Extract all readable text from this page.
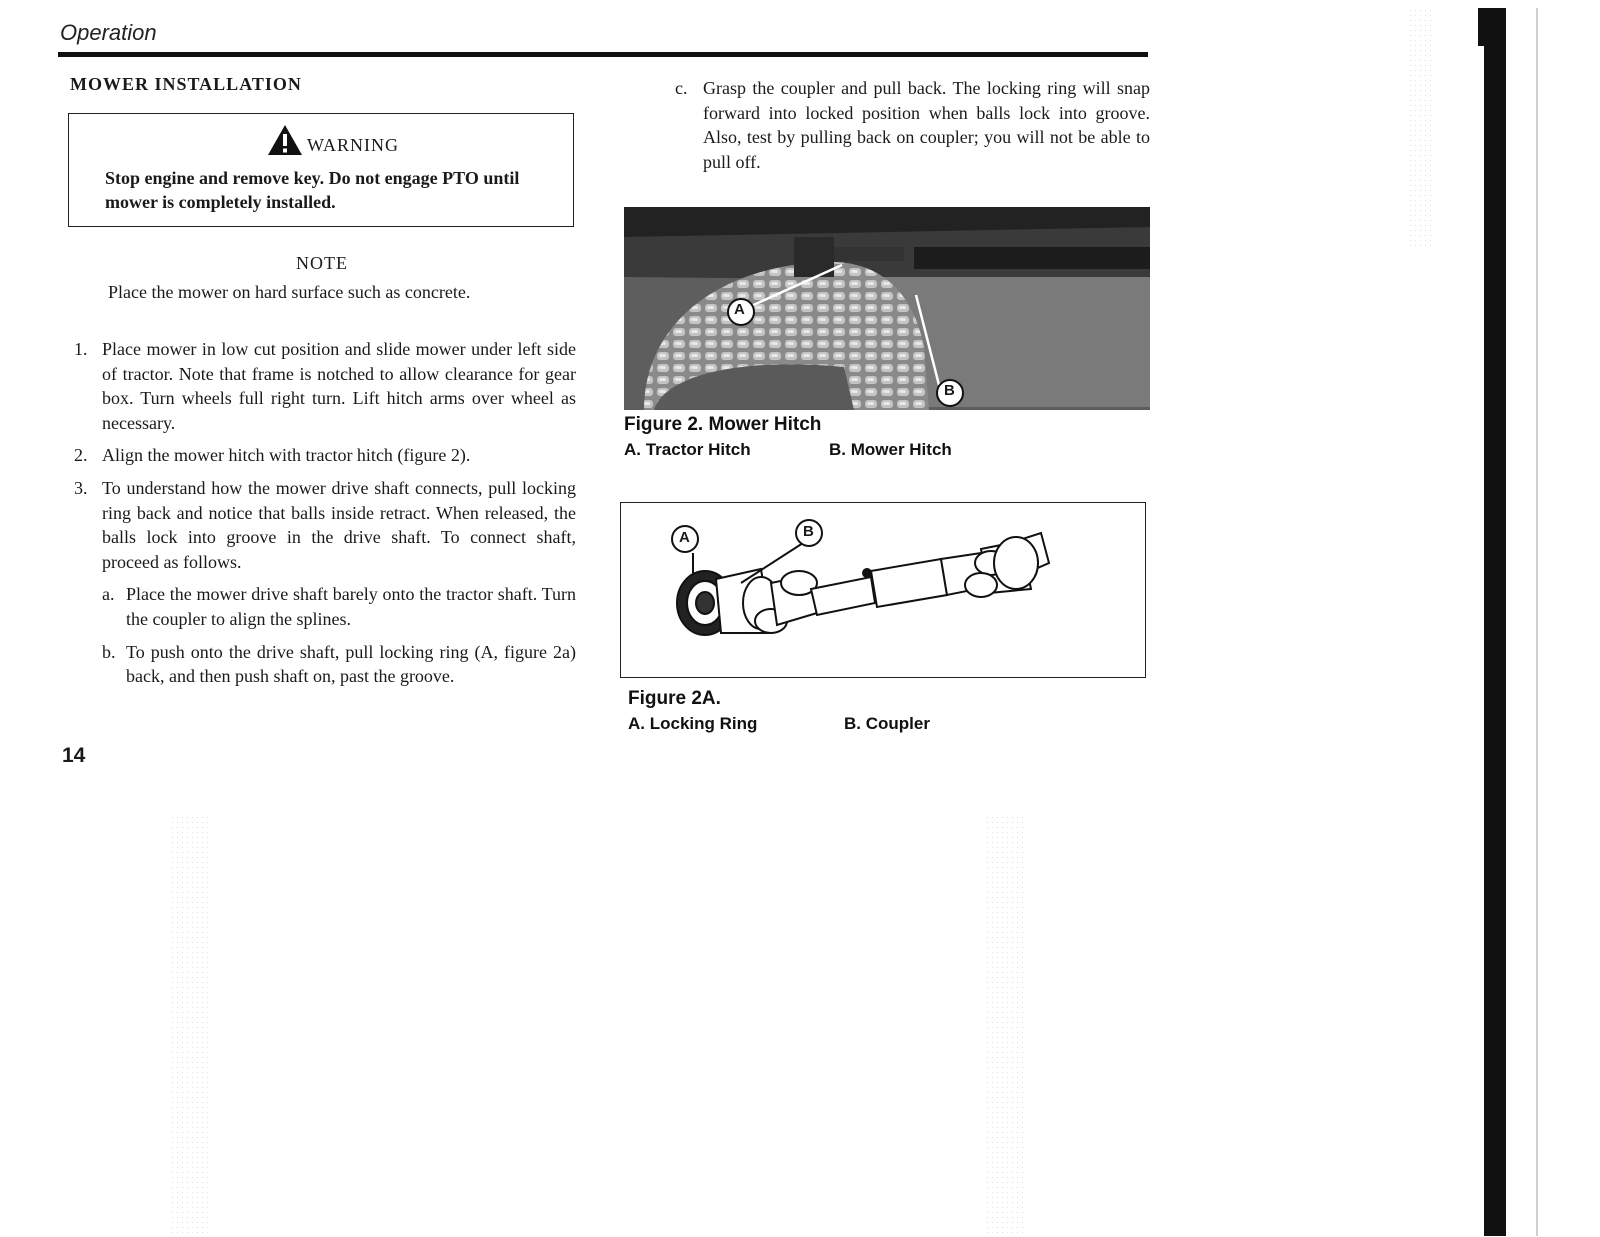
Operation
MOWER INSTALLATION
WARNING
Stop engine and remove key. Do not engage PTO until mower is completely installed.
NOTE
Place the mower on hard surface such as concrete.
1. Place mower in low cut position and slide mower under left side of tractor. Note that frame is notched to allow clearance for gear box. Turn wheels full right turn. Lift hitch arms over wheel as necessary.
2. Align the mower hitch with tractor hitch (figure 2).
3. To understand how the mower drive shaft connects, pull locking ring back and notice that balls inside retract. When released, the balls lock into groove in the drive shaft. To connect shaft, proceed as follows.
a. Place the mower drive shaft barely onto the tractor shaft. Turn the coupler to align the splines.
b. To push onto the drive shaft, pull locking ring (A, figure 2a) back, and then push shaft on, past the groove.
14
c. Grasp the coupler and pull back. The locking ring will snap forward into locked position when balls lock into groove. Also, test by pulling back on coupler; you will not be able to pull off.
A
B
Figure 2. Mower Hitch
A. Tractor Hitch	B. Mower Hitch
A	B
Figure 2A.
A. Locking Ring	B. Coupler
